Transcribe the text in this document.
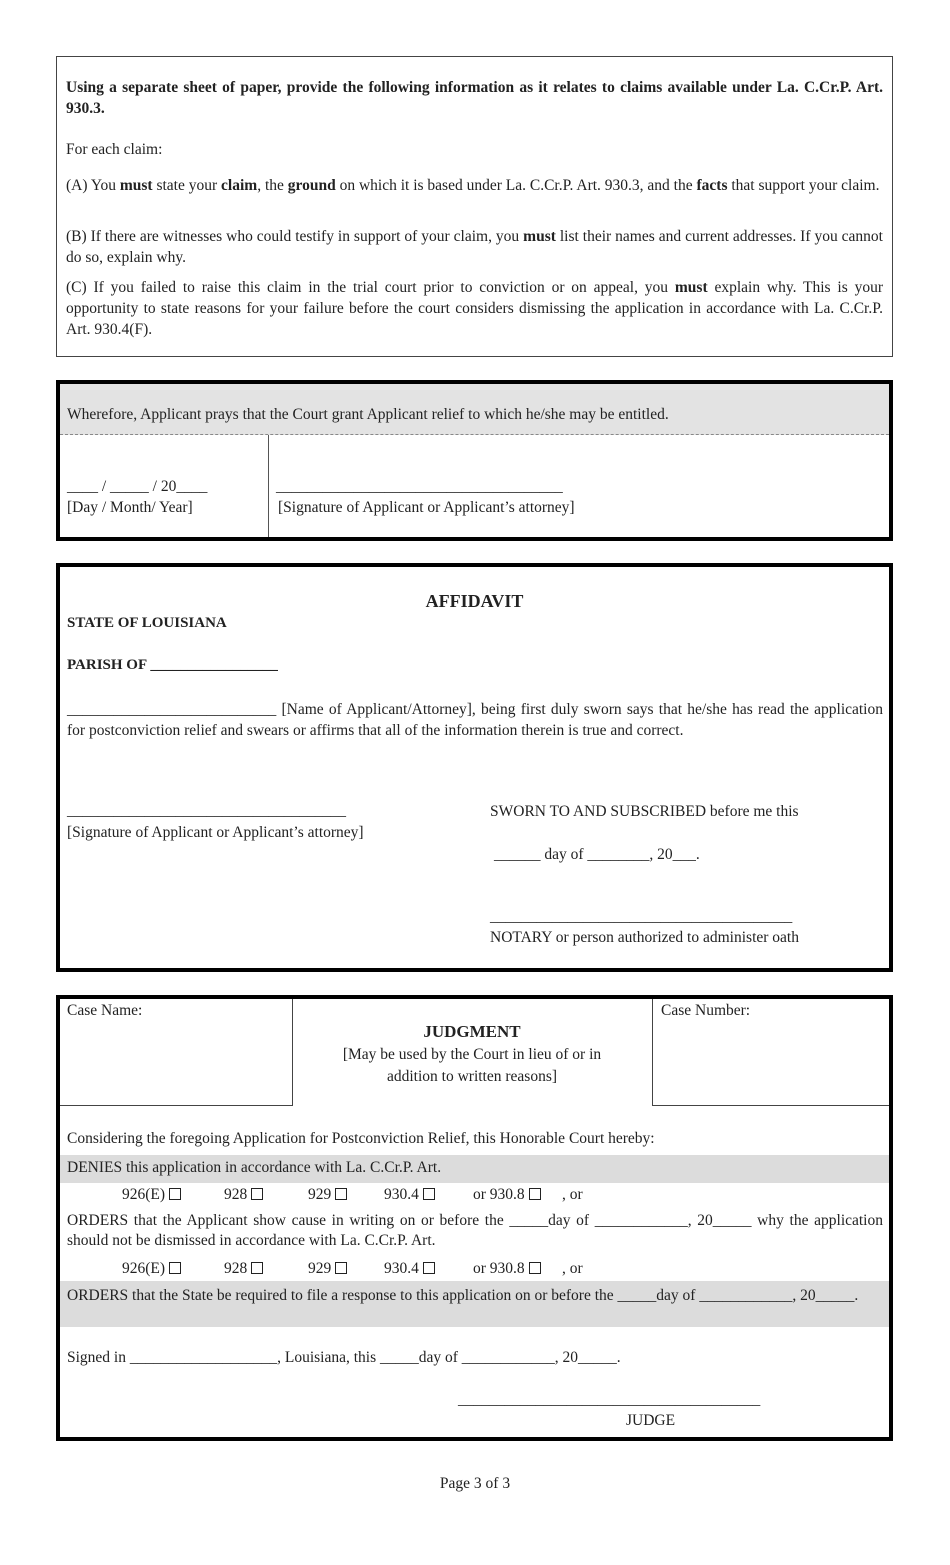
Using a separate sheet of paper, provide the following information as it relates to claims available under La. C.Cr.P. Art. 930.3.

For each claim:

(A) You must state your claim, the ground on which it is based under La. C.Cr.P. Art. 930.3, and the facts that support your claim.

(B) If there are witnesses who could testify in support of your claim, you must list their names and current addresses. If you cannot do so, explain why.

(C) If you failed to raise this claim in the trial court prior to conviction or on appeal, you must explain why. This is your opportunity to state reasons for your failure before the court considers dismissing the application in accordance with La. C.Cr.P. Art. 930.4(F).

Wherefore, Applicant prays that the Court grant Applicant relief to which he/she may be entitled.
____ / _____ / 20____
[Day / Month/ Year]
_____________________________________
[Signature of Applicant or Applicant’s attorney]
AFFIDAVIT
STATE OF LOUISIANA
PARISH OF _________________

___________________________ [Name of Applicant/Attorney], being first duly sworn says that he/she has read the application for postconviction relief and swears or affirms that all of the information therein is true and correct.

____________________________________
[Signature of Applicant or Applicant’s attorney]
SWORN TO AND SUBSCRIBED before me this
______ day of ________, 20___.
_______________________________________
NOTARY or person authorized to administer oath
Case Name:	Case Number:
JUDGMENT
[May be used by the Court in lieu of or in addition to written reasons]
Considering the foregoing Application for Postconviction Relief, this Honorable Court hereby:
DENIES this application in accordance with La. C.Cr.P. Art.
926(E)	928	929	930.4	or 930.8	, or

ORDERS that the Applicant show cause in writing on or before the _____day of ____________, 20_____ why the application should not be dismissed in accordance with La. C.Cr.P. Art.

926(E)	928	929	930.4	or 930.8	, or

ORDERS that the State be required to file a response to this application on or before the _____day of ____________, 20_____.

Signed in ___________________, Louisiana, this _____day of ____________, 20_____.
_______________________________________
JUDGE
Page 3 of 3
